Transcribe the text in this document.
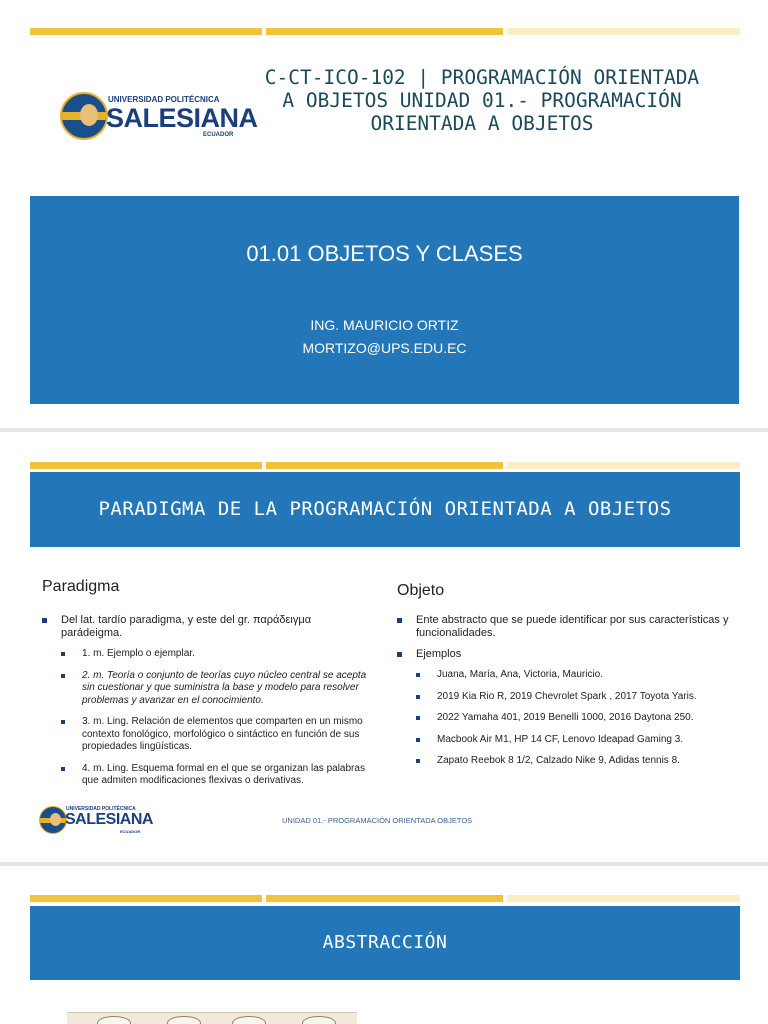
UNIVERSIDAD POLITÉCNICA
SALESIANA
ECUADOR
C-CT-ICO-102 | PROGRAMACIÓN ORIENTADA A OBJETOS UNIDAD 01.- PROGRAMACIÓN ORIENTADA A OBJETOS
01.01 OBJETOS Y CLASES
ING. MAURICIO ORTIZ
MORTIZO@UPS.EDU.EC
PARADIGMA DE LA PROGRAMACIÓN ORIENTADA A OBJETOS
Paradigma
Del lat. tardío paradigma, y este del gr. παράδειγμα parádeigma.
1. m. Ejemplo o ejemplar.
2. m. Teoría o conjunto de teorías cuyo núcleo central se acepta sin cuestionar y que suministra la base y modelo para resolver problemas y avanzar en el conocimiento.
3. m. Ling. Relación de elementos que comparten en un mismo contexto fonológico, morfológico o sintáctico en función de sus propiedades lingüísticas.
4. m. Ling. Esquema formal en el que se organizan las palabras que admiten modificaciones flexivas o derivativas.
Objeto
Ente abstracto que se puede identificar por sus características y funcionalidades.
Ejemplos
Juana, María, Ana, Victoria, Mauricio.
2019 Kia Rio R, 2019 Chevrolet Spark , 2017 Toyota Yaris.
2022 Yamaha 401, 2019 Benelli 1000, 2016 Daytona 250.
Macbook Air M1, HP 14 CF, Lenovo Ideapad Gaming 3.
Zapato Reebok 8 1/2, Calzado Nike 9, Adidas tennis 8.
UNIVERSIDAD POLITÉCNICA
SALESIANA
ECUADOR
UNIDAD 01.- PROGRAMACIÓN ORIENTADA OBJETOS
ABSTRACCIÓN
